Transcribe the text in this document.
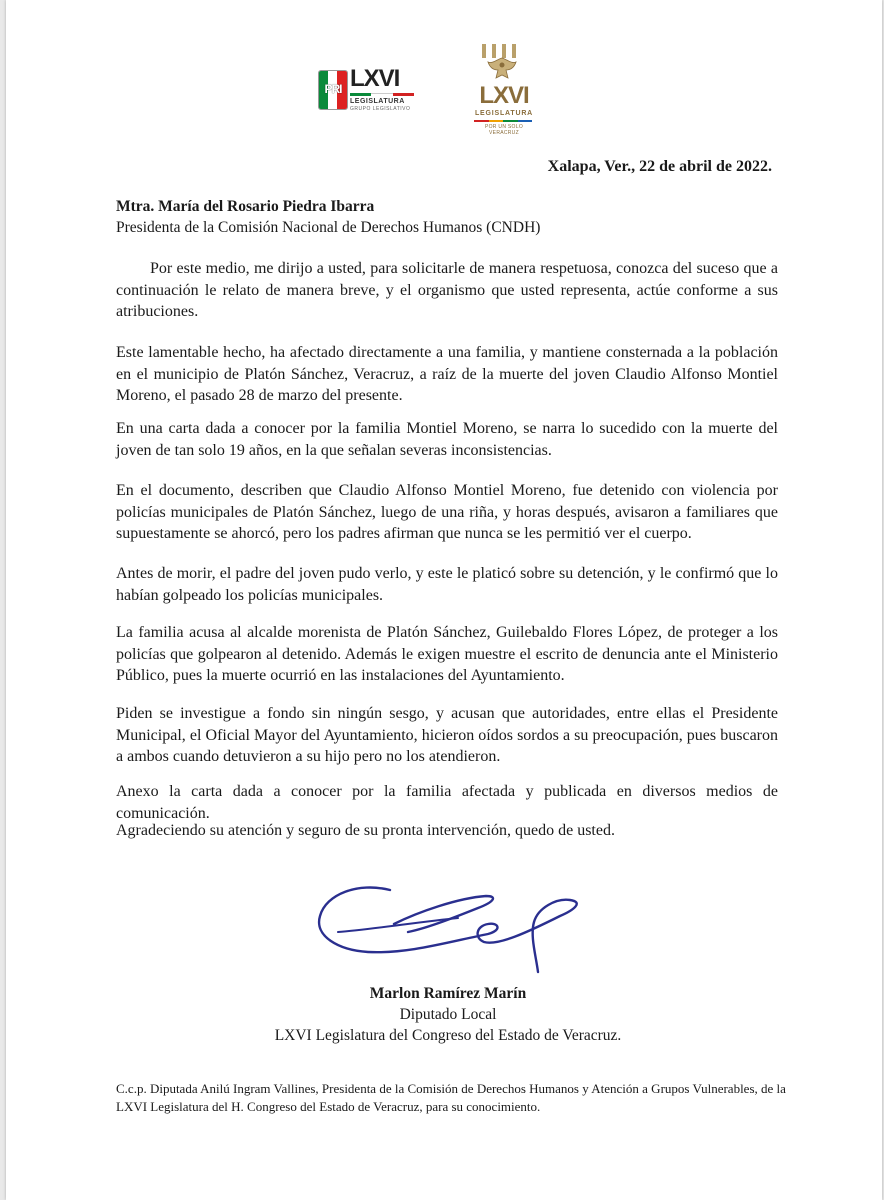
PRI LXVI
LEGISLATURA
GRUPO LEGISLATIVO	LXVI
LEGISLATURA
POR UN SOLO VERACRUZ
Xalapa, Ver., 22 de abril de 2022.
Mtra. María del Rosario Piedra Ibarra
Presidenta de la Comisión Nacional de Derechos Humanos (CNDH)

Por este medio, me dirijo a usted, para solicitarle de manera respetuosa, conozca del suceso que a continuación le relato de manera breve, y el organismo que usted representa, actúe conforme a sus atribuciones.

Este lamentable hecho, ha afectado directamente a una familia, y mantiene consternada a la población en el municipio de Platón Sánchez, Veracruz, a raíz de la muerte del joven Claudio Alfonso Montiel Moreno, el pasado 28 de marzo del presente.

En una carta dada a conocer por la familia Montiel Moreno, se narra lo sucedido con la muerte del joven de tan solo 19 años, en la que señalan severas inconsistencias.

En el documento, describen que Claudio Alfonso Montiel Moreno, fue detenido con violencia por policías municipales de Platón Sánchez, luego de una riña, y horas después, avisaron a familiares que supuestamente se ahorcó, pero los padres afirman que nunca se les permitió ver el cuerpo.

Antes de morir, el padre del joven pudo verlo, y este le platicó sobre su detención, y le confirmó que lo habían golpeado los policías municipales.

La familia acusa al alcalde morenista de Platón Sánchez, Guilebaldo Flores López, de proteger a los policías que golpearon al detenido. Además le exigen muestre el escrito de denuncia ante el Ministerio Público, pues la muerte ocurrió en las instalaciones del Ayuntamiento.

Piden se investigue a fondo sin ningún sesgo, y acusan que autoridades, entre ellas el Presidente Municipal, el Oficial Mayor del Ayuntamiento, hicieron oídos sordos a su preocupación, pues buscaron a ambos cuando detuvieron a su hijo pero no los atendieron.

Anexo la carta dada a conocer por la familia afectada y publicada en diversos medios de comunicación.

Agradeciendo su atención y seguro de su pronta intervención, quedo de usted.

Marlon Ramírez Marín
Diputado Local
LXVI Legislatura del Congreso del Estado de Veracruz.

C.c.p. Diputada Anilú Ingram Vallines, Presidenta de la Comisión de Derechos Humanos y Atención a Grupos Vulnerables, de la LXVI Legislatura del H. Congreso del Estado de Veracruz, para su conocimiento.
